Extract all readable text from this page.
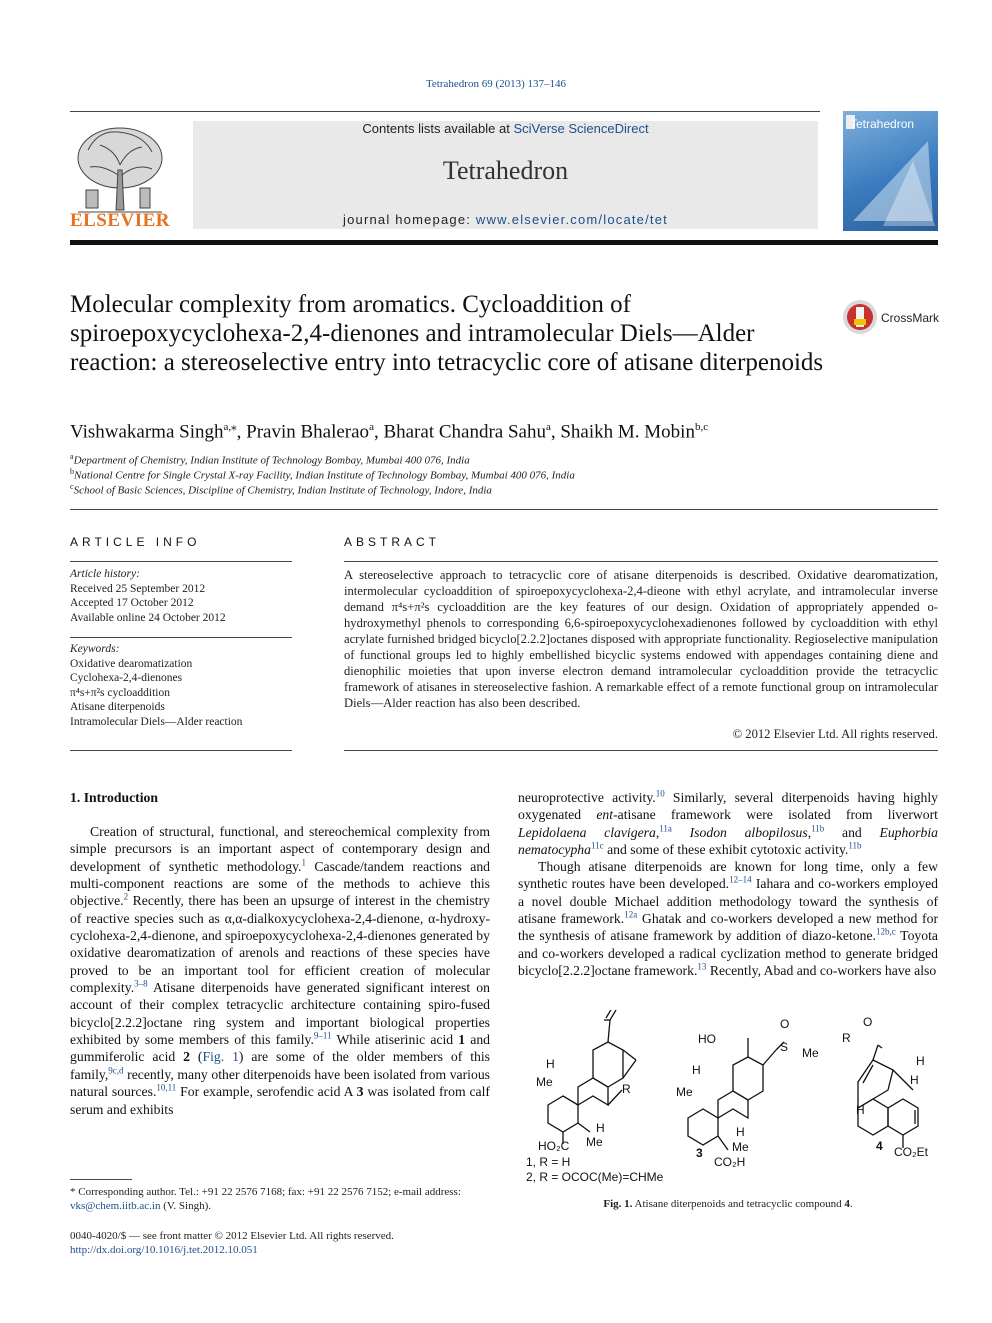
Tetrahedron 69 (2013) 137–146
ELSEVIER
Contents lists available at SciVerse ScienceDirect
Tetrahedron
journal homepage: www.elsevier.com/locate/tet
Tetrahedron
Molecular complexity from aromatics. Cycloaddition of spiroepoxycyclohexa-2,4-dienones and intramolecular Diels—Alder reaction: a stereoselective entry into tetracyclic core of atisane diterpenoids
CrossMark
Vishwakarma Singh$^{a,⁎}$, Pravin Bhalerao$^a$, Bharat Chandra Sahu$^a$, Shaikh M. Mobin$^{b,c}$
$^a$Department of Chemistry, Indian Institute of Technology Bombay, Mumbai 400 076, India
$^b$National Centre for Single Crystal X-ray Facility, Indian Institute of Technology Bombay, Mumbai 400 076, India
$^c$School of Basic Sciences, Discipline of Chemistry, Indian Institute of Technology, Indore, India
ARTICLE INFO
Article history:
Received 25 September 2012
Accepted 17 October 2012
Available online 24 October 2012
Keywords:
Oxidative dearomatization
Cyclohexa-2,4-dienones
π⁴s+π²s cycloaddition
Atisane diterpenoids
Intramolecular Diels—Alder reaction
ABSTRACT
A stereoselective approach to tetracyclic core of atisane diterpenoids is described. Oxidative dearomatization, intermolecular cycloaddition of spiroepoxycyclohexa-2,4-dieone with ethyl acrylate, and intramolecular inverse demand π⁴s+π²s cycloaddition are the key features of our design. Oxidation of appropriately appended o-hydroxymethyl phenols to corresponding 6,6-spiroepoxycyclohexadienones followed by cycloaddition with ethyl acrylate furnished bridged bicyclo[2.2.2]octanes disposed with appropriate functionality. Regioselective manipulation of functional groups led to highly embellished bicyclic systems endowed with appendages containing diene and dienophilic moieties that upon inverse electron demand intramolecular cycloaddition provide the tetracyclic framework of atisanes in stereoselective fashion. A remarkable effect of a remote functional group on intramolecular Diels—Alder reaction has also been described.
© 2012 Elsevier Ltd. All rights reserved.
1. Introduction
Creation of structural, functional, and stereochemical complexity from simple precursors is an important aspect of contemporary design and development of synthetic methodology.$^1$ Cascade/tandem reactions and multi-component reactions are some of the methods to achieve this objective.$^2$ Recently, there has been an upsurge of interest in the chemistry of reactive species such as α,α-dialkoxycyclohexa-2,4-dienone, α-hydroxy-cyclohexa-2,4-dienone, and spiroepoxycyclohexa-2,4-dienones generated by oxidative dearomatization of arenols and reactions of these species have proved to be an important tool for efficient creation of molecular complexity.$^{3-8}$ Atisane diterpenoids have generated significant interest on account of their complex tetracyclic architecture containing spiro-fused bicyclo[2.2.2]octane ring system and important biological properties exhibited by some members of this family.$^{9-11}$ While atiserinic acid 1 and gummiferolic acid 2 (Fig. 1) are some of the older members of this family,$^{9c,d}$ recently, many other diterpenoids have been isolated from various natural sources.$^{10,11}$ For example, serofendic acid A 3 was isolated from calf serum and exhibits
neuroprotective activity.$^{10}$ Similarly, several diterpenoids having highly oxygenated ent-atisane framework were isolated from liverwort Lepidolaena clavigera,$^{11a}$ Isodon albopilosus,$^{11b}$ and Euphorbia nematocypha$^{11c}$ and some of these exhibit cytotoxic activity.$^{11b}$
Though atisane diterpenoids are known for long time, only a few synthetic routes have been developed.$^{12-14}$ Iahara and co-workers employed a novel double Michael addition methodology toward the synthesis of atisane framework.$^{12a}$ Ghatak and co-workers developed a new method for the synthesis of atisane framework by addition of diazo-ketone.$^{12b,c}$ Toyota and co-workers developed a radical cyclization method to generate bridged bicyclo[2.2.2]octane framework.$^{13}$ Recently, Abad and co-workers have also
H
Me	R
H
Me
HO₂C
1, R = H
2, R = OCOC(Me)=CHMe
HO
O
S Me
H
Me
H
Me
CO₂H
3
R
O
H
H
H
CO₂Et
4
Fig. 1. Atisane diterpenoids and tetracyclic compound 4.
* Corresponding author. Tel.: +91 22 2576 7168; fax: +91 22 2576 7152; e-mail address: vks@chem.iitb.ac.in (V. Singh).
0040-4020/$ — see front matter © 2012 Elsevier Ltd. All rights reserved.
http://dx.doi.org/10.1016/j.tet.2012.10.051
